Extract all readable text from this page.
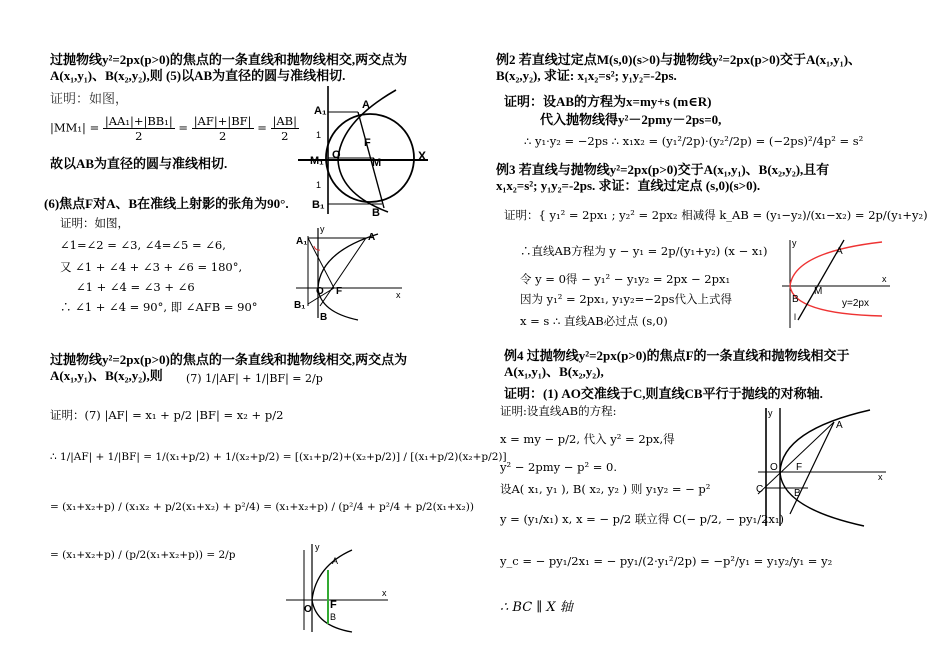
过抛物线y²=2px(p>0)的焦点的一条直线和抛物线相交,两交点为
A(x₁,y₁)、B(x₂,y₂),则 (5)以AB为直径的圆与准线相切.
证明：如图，
$|MM_1| = \frac{\text{|AA₁|+|BB₁|}}{2} = \frac{|AF|+|BF|}{2} = \frac{|AB|}{2}$
故以AB为直径的圆与准线相切.
(6)焦点F对A、B在准线上射影的张角为90°.
证明：如图，
∠1=∠2 = ∠3, ∠4=∠5 = ∠6,
又 ∠1 + ∠4 + ∠3 + ∠6 = 180°,
∠1 + ∠4 = ∠3 + ∠6
∴ ∠1 + ∠4 = 90°, 即 ∠AFB = 90°
过抛物线y²=2px(p>0)的焦点的一条直线和抛物线相交,两交点为
A(x₁,y₁)、B(x₂,y₂),则 (7) 1/|AF| + 1/|BF| = 2/p
证明：(7) |AF| = x₁ + p/2 |BF| = x₂ + p/2
∴ 1/|AF| + 1/|BF| = 1/(x₁+p/2) + 1/(x₂+p/2) = [(x₁+p/2)+(x₂+p/2)] / [(x₁+p/2)(x₂+p/2)]
= (x₁+x₂+p) / (x₁x₂ + p/2(x₁+x₂) + p²/4) = (x₁+x₂+p) / (p²/4 + p²/4 + p/2(x₁+x₂))
= (x₁+x₂+p) / (p/2(x₁+x₂+p)) = 2/p
A₁	A
1
M₁ O
F
M	X
1
B₁
B
y
A₁	A
B₁
O F	x
B
y
O F
x
A
B
例2 若直线过定点M(s,0)(s>0)与抛物线y²=2px(p>0)交于A(x₁,y₁)、
B(x₂,y₂), 求证: x₁x₂=s²; y₁y₂=-2ps.
证明：设AB的方程为x=my+s (m∈R)
代入抛物线得y²－2pmy－2ps=0,
∴ y₁·y₂ = −2ps ∴ x₁x₂ = (y₁²/2p)·(y₂²/2p) = (−2ps)²/4p² = s²
例3 若直线与抛物线y²=2px(p>0)交于A(x₁,y₁)、B(x₂,y₂),且有
x₁x₂=s²; y₁y₂=-2ps. 求证：直线过定点 (s,0)(s>0).
证明：{ y₁² = 2px₁ ; y₂² = 2px₂ 相减得 k_AB = (y₁−y₂)/(x₁−x₂) = 2p/(y₁+y₂)
∴直线AB方程为 y − y₁ = 2p/(y₁+y₂) (x − x₁)
令 y = 0得 − y₁² − y₁y₂ = 2px − 2px₁
因为 y₁² = 2px₁, y₁y₂=−2ps代入上式得
x = s ∴ 直线AB必过点 (s,0)
例4 过抛物线y²=2px(p>0)的焦点F的一条直线和抛物线相交于
A(x₁,y₁)、B(x₂,y₂),
证明：(1) AO交准线于C,则直线CB平行于抛线的对称轴.
证明:设直线AB的方程:
x = my − p/2, 代入 y² = 2px,得
y² − 2pmy − p² = 0.
设A( x₁, y₁ ), B( x₂, y₂ ) 则 y₁y₂ = − p²
y = (y₁/x₁) x, x = − p/2 联立得 C(− p/2, − py₁/2x₁)
y_c = − py₁/2x₁ = − py₁/(2·y₁²/2p) = −p²/y₁ = y₁y₂/y₁ = y₂
∴ BC ∥ X 轴
y
A
M
B
x
y=2px
l
y
A
O F
C	B
x
